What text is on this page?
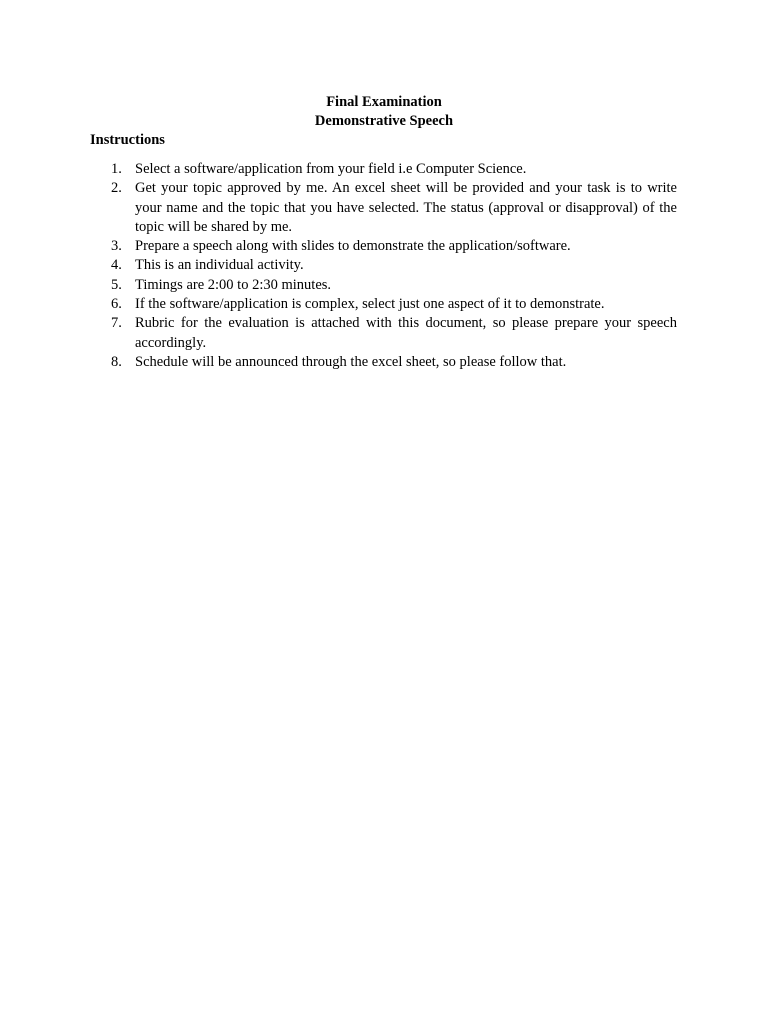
Final Examination
Demonstrative Speech
Instructions
1. Select a software/application from your field i.e Computer Science.
2. Get your topic approved by me. An excel sheet will be provided and your task is to write your name and the topic that you have selected. The status (approval or disapproval) of the topic will be shared by me.
3. Prepare a speech along with slides to demonstrate the application/software.
4. This is an individual activity.
5. Timings are 2:00 to 2:30 minutes.
6. If the software/application is complex, select just one aspect of it to demonstrate.
7. Rubric for the evaluation is attached with this document, so please prepare your speech accordingly.
8. Schedule will be announced through the excel sheet, so please follow that.
